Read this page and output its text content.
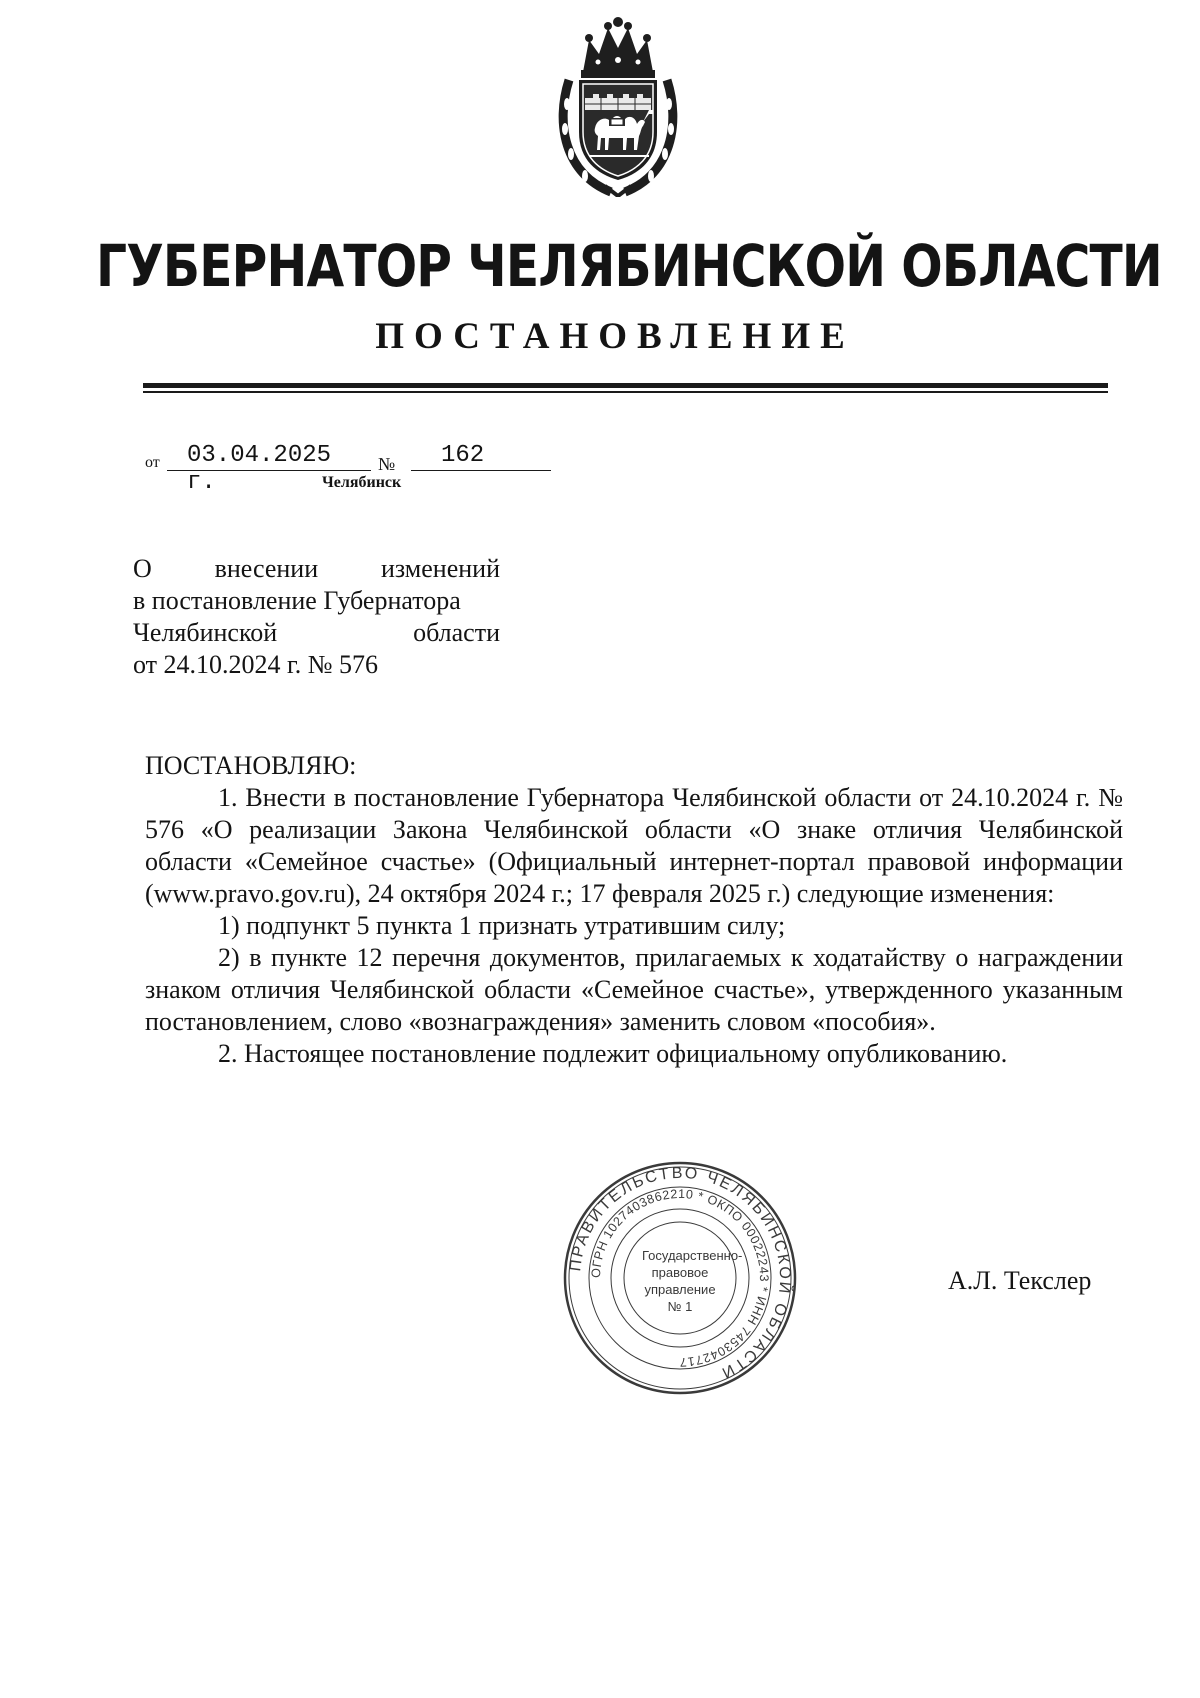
ГУБЕРНАТОР ЧЕЛЯБИНСКОЙ ОБЛАСТИ
ПОСТАНОВЛЕНИЕ
от 03.04.2025 г.
№ 162
Челябинск

О внесении изменений

в постановление Губернатора

Челябинской области

от 24.10.2024 г. № 576

ПОСТАНОВЛЯЮ:

1. Внести в постановление Губернатора Челябинской области от 24.10.2024 г. № 576 «О реализации Закона Челябинской области «О знаке отличия Челябинской области «Семейное счастье» (Официальный интернет-портал правовой информации (www.pravo.gov.ru), 24 октября 2024 г.; 17 февраля 2025 г.) следующие изменения:

1) подпункт 5 пункта 1 признать утратившим силу;

2) в пункте 12 перечня документов, прилагаемых к ходатайству о награждении знаком отличия Челябинской области «Семейное счастье», утвержденного указанным постановлением, слово «вознаграждения» заменить словом «пособия».

2. Настоящее постановление подлежит официальному опубликованию.

ПРАВИТЕЛЬСТВО ЧЕЛЯБИНСКОЙ ОБЛАСТИ
ОГРН 1027403862210 * ОКПО 00022243 * ИНН 7453042717
Государственно-
правовое
управление
№ 1
А.Л. Текслер
